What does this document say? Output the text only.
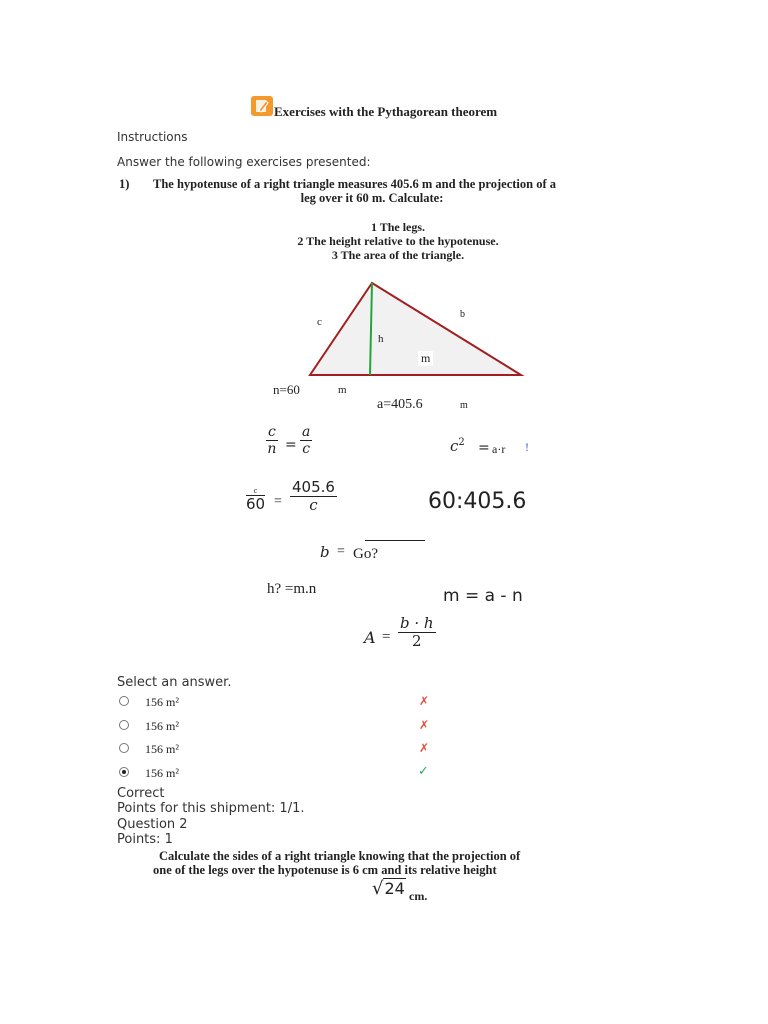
Exercises with the Pythagorean theorem
Instructions
Answer the following exercises presented:
1) The hypotenuse of a right triangle measures 405.6 m and the projection of a
leg over it 60 m. Calculate:
1 The legs.
2 The height relative to the hypotenuse.
3 The area of the triangle.
c
b
h
m
n=60	m
a=405.6	m
$\frac{c}{n} = \frac{a}{c}$	$c^2 = a\cdot r$ !
c
$60 = \frac{405.6}{c}$	60:405.6
b = Go?
h? =m.n	m = a - n
$A = \frac{b \cdot h}{2}$
Select an answer.
156 m²	✗
156 m²	✗
156 m²	✗
156 m²	✓
Correct
Points for this shipment: 1/1.
Question 2
Points: 1
Calculate the sides of a right triangle knowing that the projection of
one of the legs over the hypotenuse is 6 cm and its relative height
√24 cm.
